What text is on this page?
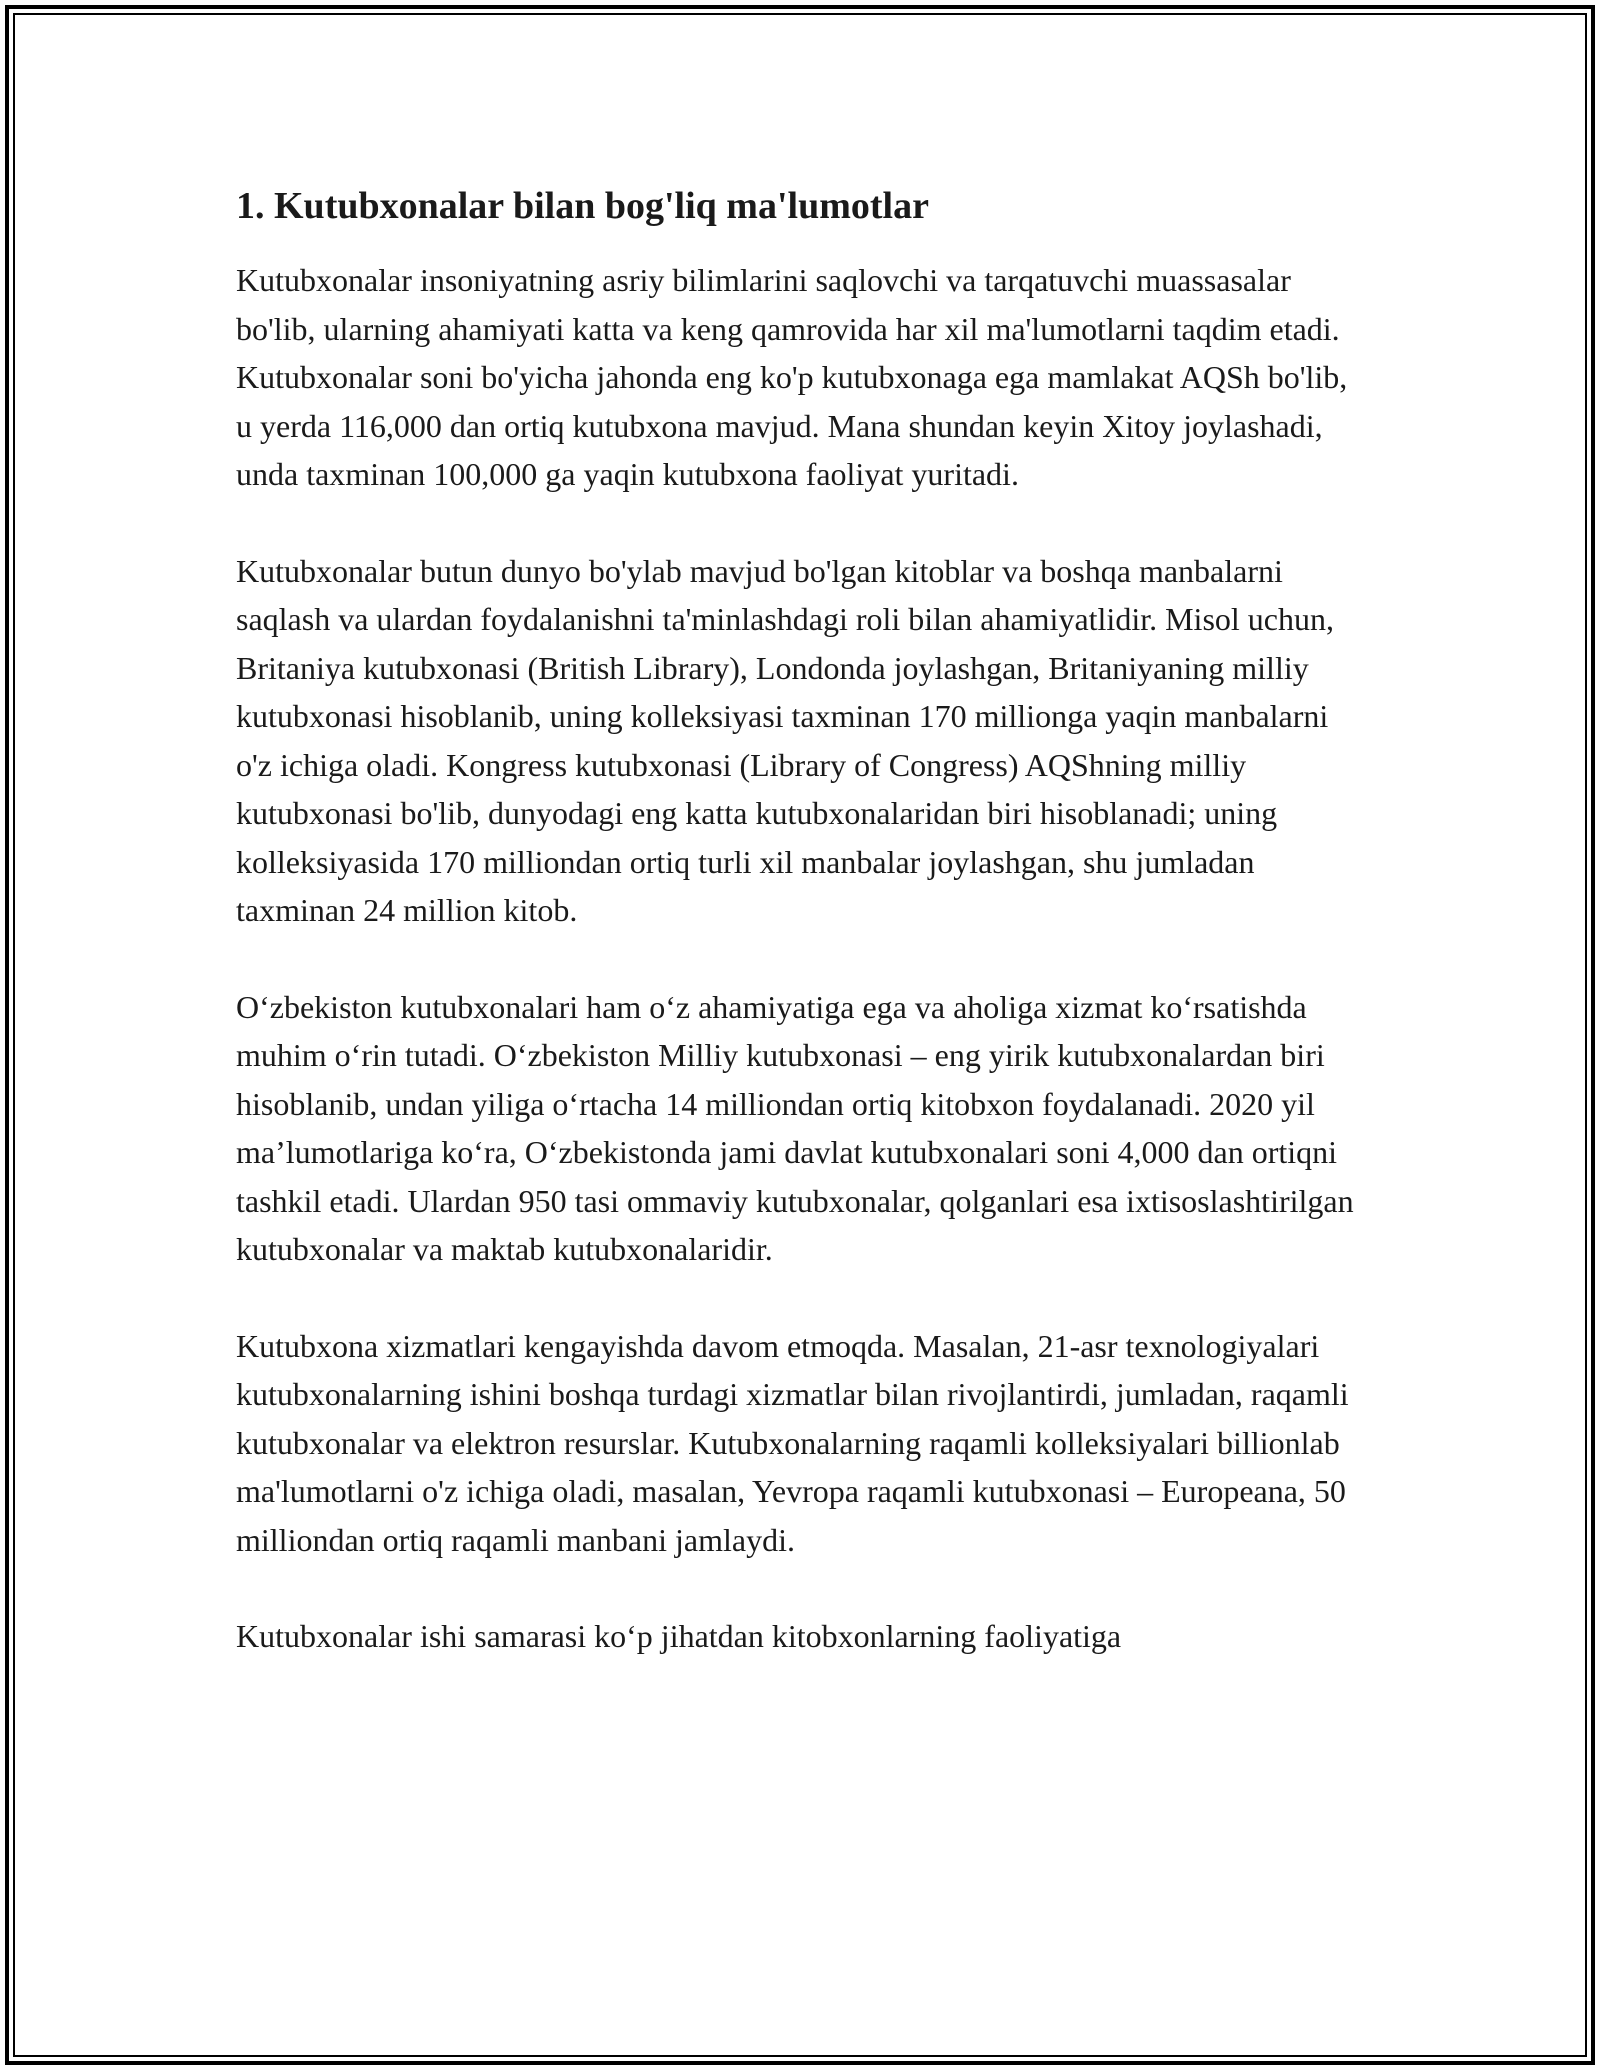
1. Kutubxonalar bilan bog'liq ma'lumotlar

Kutubxonalar insoniyatning asriy bilimlarini saqlovchi va tarqatuvchi muassasalar bo'lib, ularning ahamiyati katta va keng qamrovida har xil ma'lumotlarni taqdim etadi. Kutubxonalar soni bo'yicha jahonda eng ko'p kutubxonaga ega mamlakat AQSh bo'lib, u yerda 116,000 dan ortiq kutubxona mavjud. Mana shundan keyin Xitoy joylashadi, unda taxminan 100,000 ga yaqin kutubxona faoliyat yuritadi.

Kutubxonalar butun dunyo bo'ylab mavjud bo'lgan kitoblar va boshqa manbalarni saqlash va ulardan foydalanishni ta'minlashdagi roli bilan ahamiyatlidir. Misol uchun, Britaniya kutubxonasi (British Library), Londonda joylashgan, Britaniyaning milliy kutubxonasi hisoblanib, uning kolleksiyasi taxminan 170 millionga yaqin manbalarni o'z ichiga oladi. Kongress kutubxonasi (Library of Congress) AQShning milliy kutubxonasi bo'lib, dunyodagi eng katta kutubxonalaridan biri hisoblanadi; uning kolleksiyasida 170 milliondan ortiq turli xil manbalar joylashgan, shu jumladan taxminan 24 million kitob.

O‘zbekiston kutubxonalari ham o‘z ahamiyatiga ega va aholiga xizmat ko‘rsatishda muhim o‘rin tutadi. O‘zbekiston Milliy kutubxonasi – eng yirik kutubxonalardan biri hisoblanib, undan yiliga o‘rtacha 14 milliondan ortiq kitobxon foydalanadi. 2020 yil ma’lumotlariga ko‘ra, O‘zbekistonda jami davlat kutubxonalari soni 4,000 dan ortiqni tashkil etadi. Ulardan 950 tasi ommaviy kutubxonalar, qolganlari esa ixtisoslashtirilgan kutubxonalar va maktab kutubxonalaridir.

Kutubxona xizmatlari kengayishda davom etmoqda. Masalan, 21-asr texnologiyalari kutubxonalarning ishini boshqa turdagi xizmatlar bilan rivojlantirdi, jumladan, raqamli kutubxonalar va elektron resurslar. Kutubxonalarning raqamli kolleksiyalari billionlab ma'lumotlarni o'z ichiga oladi, masalan, Yevropa raqamli kutubxonasi – Europeana, 50 milliondan ortiq raqamli manbani jamlaydi.

Kutubxonalar ishi samarasi ko‘p jihatdan kitobxonlarning faoliyatiga
